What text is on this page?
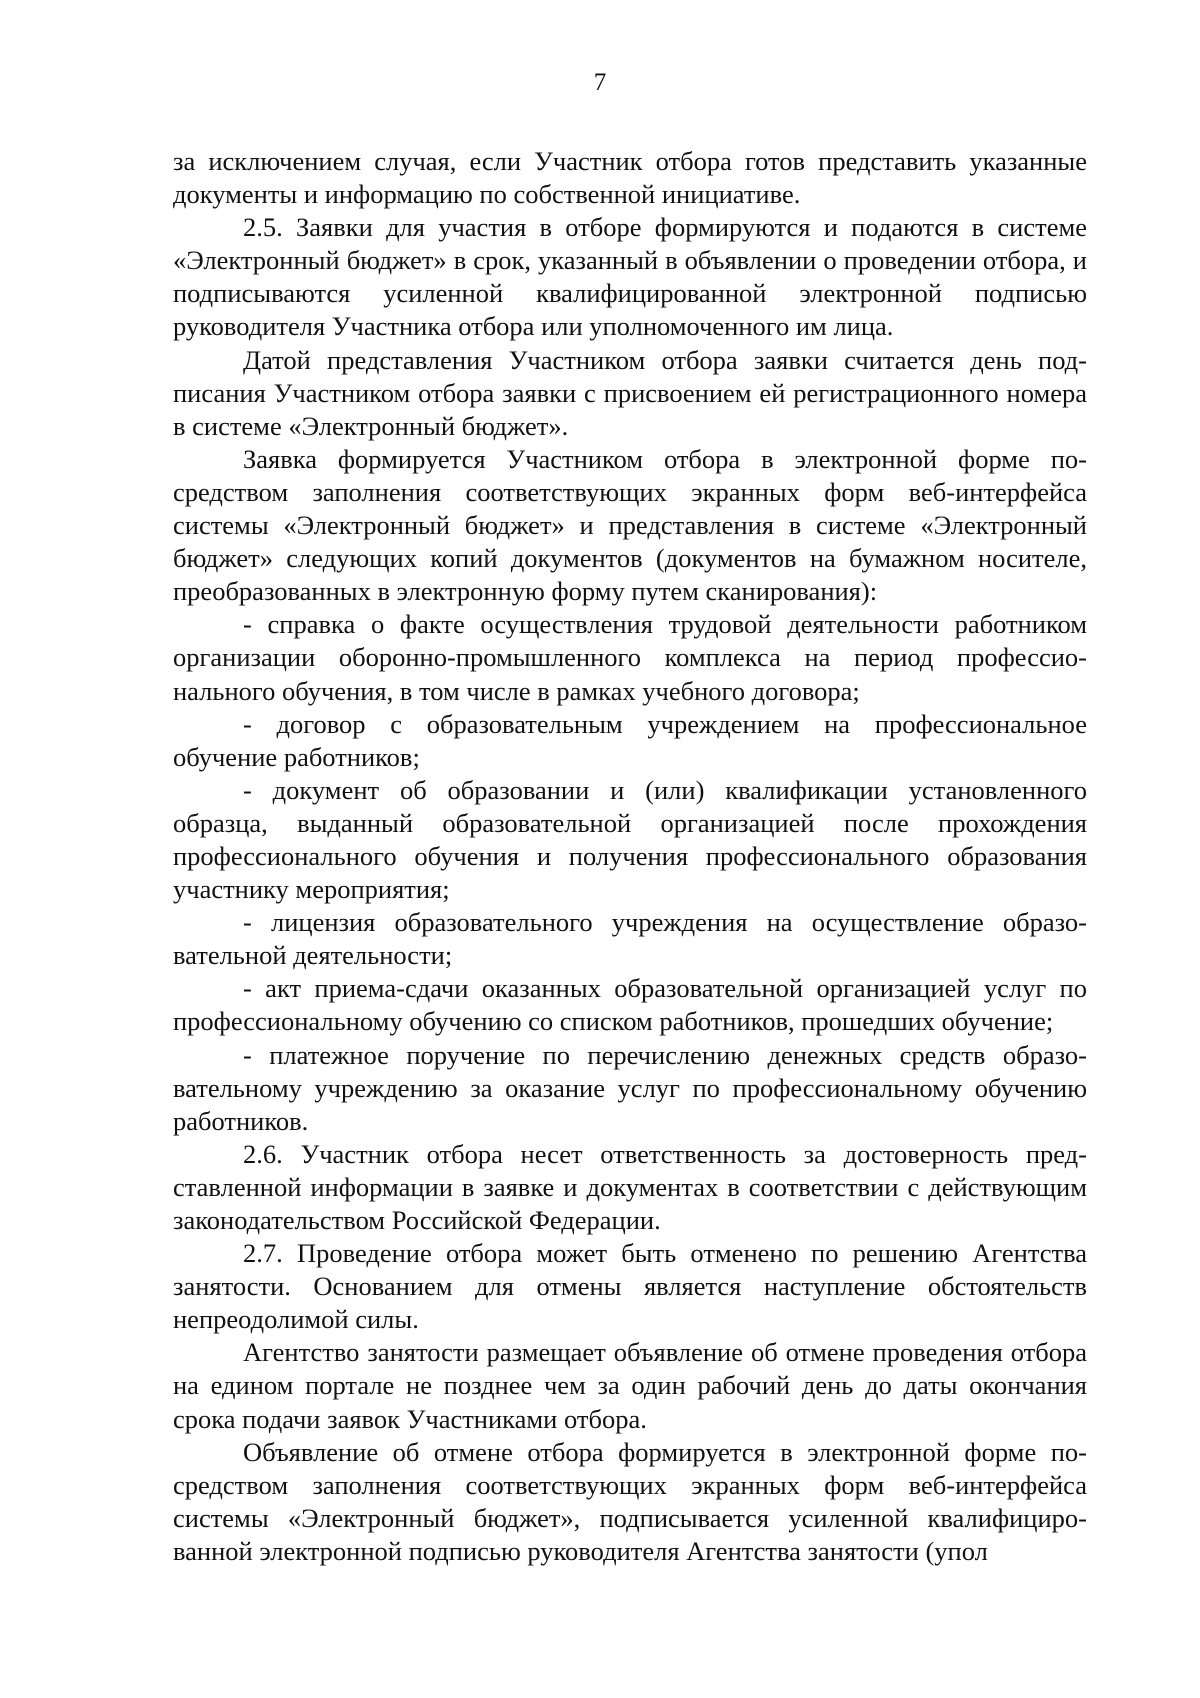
7

за исключением случая, если Участник отбора готов представить указанные документы и информацию по собственной инициативе.

2.5. Заявки для участия в отборе формируются и подаются в системе «Электронный бюджет» в срок, указанный в объявлении о проведении отбора, и подписываются усиленной квалифицированной электронной подписью руководителя Участника отбора или уполномоченного им лица.

Датой представления Участником отбора заявки считается день подписания Участником отбора заявки с присвоением ей регистрационного номера в системе «Электронный бюджет».

Заявка формируется Участником отбора в электронной форме посредством заполнения соответствующих экранных форм веб-интерфейса системы «Электронный бюджет» и представления в системе «Электронный бюджет» следующих копий документов (документов на бумажном носителе, преобразованных в электронную форму путем сканирования):

- справка о факте осуществления трудовой деятельности работником организации оборонно-промышленного комплекса на период профессионального обучения, в том числе в рамках учебного договора;

- договор с образовательным учреждением на профессиональное обучение работников;

- документ об образовании и (или) квалификации установленного образца, выданный образовательной организацией после прохождения профессионального обучения и получения профессионального образования участнику мероприятия;

- лицензия образовательного учреждения на осуществление образовательной деятельности;

- акт приема-сдачи оказанных образовательной организацией услуг по профессиональному обучению со списком работников, прошедших обучение;

- платежное поручение по перечислению денежных средств образовательному учреждению за оказание услуг по профессиональному обучению работников.

2.6. Участник отбора несет ответственность за достоверность представленной информации в заявке и документах в соответствии с действующим законодательством Российской Федерации.

2.7. Проведение отбора может быть отменено по решению Агентства занятости. Основанием для отмены является наступление обстоятельств непреодолимой силы.

Агентство занятости размещает объявление об отмене проведения отбора на едином портале не позднее чем за один рабочий день до даты окончания срока подачи заявок Участниками отбора.

Объявление об отмене отбора формируется в электронной форме посредством заполнения соответствующих экранных форм веб-интерфейса системы «Электронный бюджет», подписывается усиленной квалифицированной электронной подписью руководителя Агентства занятости (упол
